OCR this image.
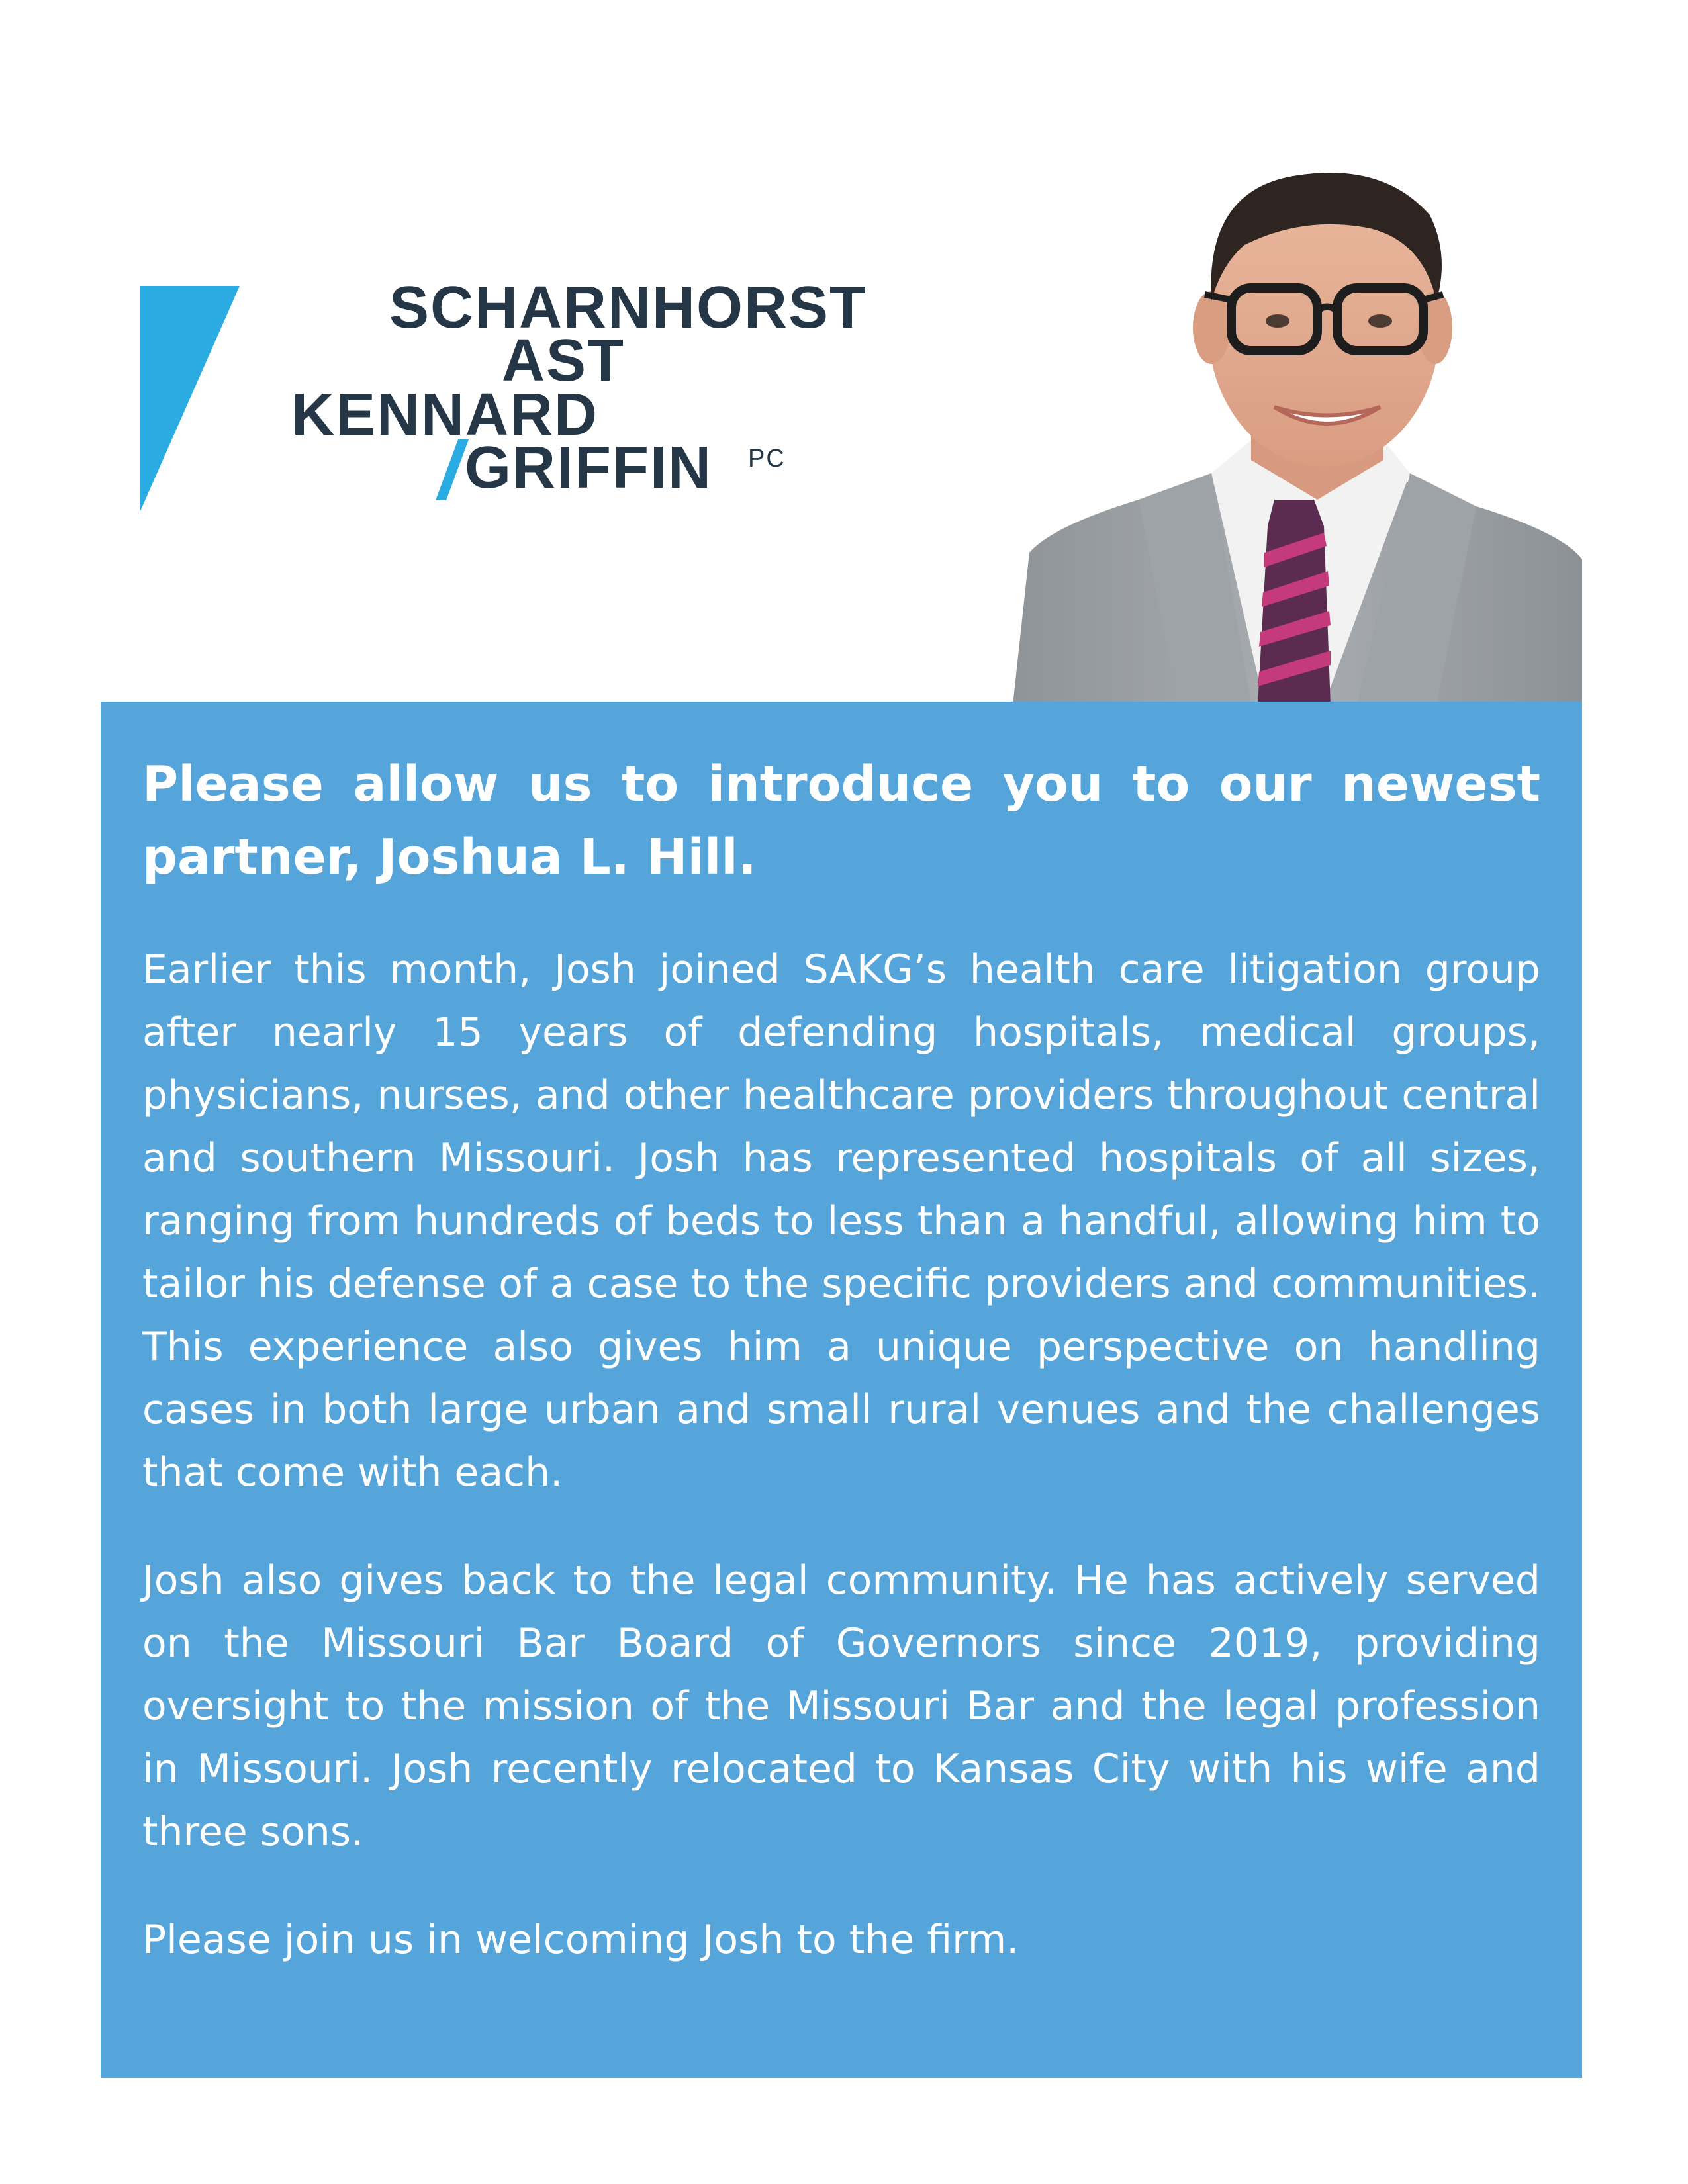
SCHARNHORST
AST
KENNARD
GRIFFIN PC
Please allow us to introduce you to our newest partner, Joshua L. Hill.

Earlier this month, Josh joined SAKG’s health care litigation group after nearly 15 years of defending hospitals, medical groups, physicians, nurses, and other healthcare providers throughout central and southern Missouri. Josh has represented hospitals of all sizes, ranging from hundreds of beds to less than a handful, allowing him to tailor his defense of a case to the specific providers and communities. This experience also gives him a unique perspective on handling cases in both large urban and small rural venues and the challenges that come with each.

Josh also gives back to the legal community. He has actively served on the Missouri Bar Board of Governors since 2019, providing oversight to the mission of the Missouri Bar and the legal profession in Missouri. Josh recently relocated to Kansas City with his wife and three sons.

Please join us in welcoming Josh to the firm.
